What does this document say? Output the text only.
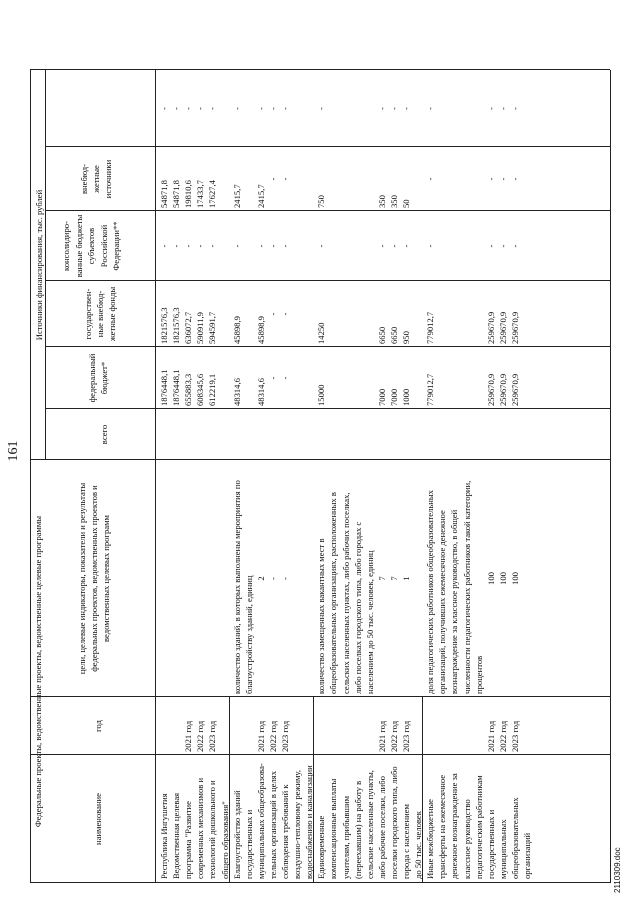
161
Федеральные проекты, ведомственные проекты, ведомственные целевые программы
Источники финансирования, тыс. рублей
наименование
год
цели, целевые индикаторы, показатели и результаты федеральных проектов, ведомственных проектов и ведомственных целевых программ
всего
федеральный бюджет*
государствен- ные внебюд- жетные фонды
консолидиро- ванные бюджеты субъектов Российской Федерации**
внебюд- жетные источники
Республика Ингушетия
1876448,1
1821576,3
-
54871,8
-
Ведомственная целевая
1876448,1
1821576,3
-
54871,8
-
программа "Развитие
2021 год
655883,3
636072,7
-
19810,6
-
современных механизмов и
2022 год
608345,6
590911,9
-
17433,7
-
технологий дошкольного и
2023 год
612219,1
594591,7
-
17627,4
-
общего образования" Благоустройство зданий государственных и муниципальных общеобразова- тельных организаций в целях соблюдения требований к воздушно-тепловому режиму, водоснабжению и канализации
количество зданий, в которых выполнены мероприятия по благоустройству зданий, единиц
48314,6
45898,9
-
2415,7
-
2021 год
2
48314,6
45898,9
-
2415,7
-
2022 год
-
-
-
-
-
-
2023 год
-
-
-
-
-
-
Единовременные компенсационные выплаты учителям, прибывшим (переехавшим) на работу в сельские населенные пункты, либо рабочие поселки, либо поселки городского типа, либо города с населением до 50 тыс. человек
количество замещенных вакантных мест в общеобразовательных организациях, расположенных в сельских населенных пунктах, либо рабочих поселках, либо поселках городского типа, либо городах с населением до 50 тыс. человек, единиц
15000
14250
-
750
-
2021 год
7
7000
6650
-
350
-
2022 год
7
7000
6650
-
350
-
2023 год
1
1000
950
-
50
-
Иные межбюджетные трансферты на ежемесячное денежное вознаграждение за классное руководство педагогическим работникам государственных и муниципальных общеобразовательных организаций
доля педагогических работников общеобразовательных организаций, получивших ежемесячное денежное вознаграждение за классное руководство, в общей численности педагогических работников такой категории, процентов
779012,7
779012,7
-
-
-
2021 год
100
259670,9
259670,9
-
-
-
2022 год
100
259670,9
259670,9
-
-
-
2023 год
100
259670,9
259670,9
-
-
-
2110309.doc
